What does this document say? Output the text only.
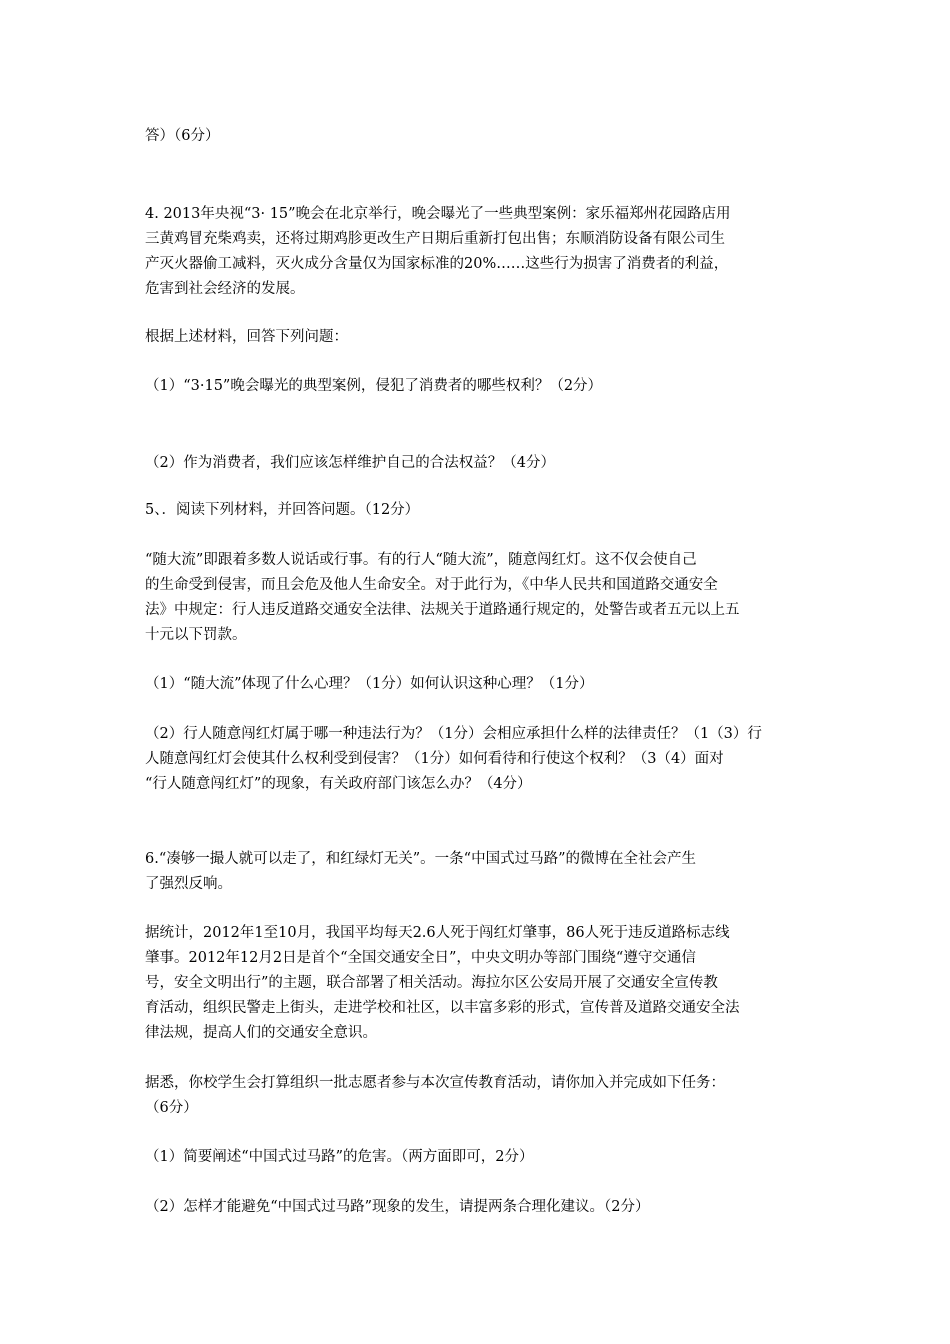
答）（6分）
4. 2013年央视“3· 15”晚会在北京举行，晚会曝光了一些典型案例：家乐福郑州花园路店用
三黄鸡冒充柴鸡卖，还将过期鸡胗更改生产日期后重新打包出售；东顺消防设备有限公司生
产灭火器偷工减料，灭火成分含量仅为国家标准的20%……这些行为损害了消费者的利益，
危害到社会经济的发展。
根据上述材料，回答下列问题：
（1）“3·15”晚会曝光的典型案例，侵犯了消费者的哪些权利？（2分）
（2）作为消费者，我们应该怎样维护自己的合法权益？（4分）
5、．阅读下列材料，并回答问题。（12分）
“随大流”即跟着多数人说话或行事。有的行人“随大流”，随意闯红灯。这不仅会使自己
的生命受到侵害，而且会危及他人生命安全。对于此行为，《中华人民共和国道路交通安全
法》中规定：行人违反道路交通安全法律、法规关于道路通行规定的，处警告或者五元以上五
十元以下罚款。
（1）“随大流”体现了什么心理？（1分）如何认识这种心理？（1分）
（2）行人随意闯红灯属于哪一种违法行为？（1分）会相应承担什么样的法律责任？（1（3）行
人随意闯红灯会使其什么权利受到侵害？（1分）如何看待和行使这个权利？（3（4）面对
“行人随意闯红灯”的现象，有关政府部门该怎么办？（4分）
6.“凑够一撮人就可以走了，和红绿灯无关”。一条“中国式过马路”的微博在全社会产生
了强烈反响。
据统计，2012年1至10月，我国平均每天2.6人死于闯红灯肇事，86人死于违反道路标志线
肇事。2012年12月2日是首个“全国交通安全日”，中央文明办等部门围绕“遵守交通信
号，安全文明出行”的主题，联合部署了相关活动。海拉尔区公安局开展了交通安全宣传教
育活动，组织民警走上街头，走进学校和社区，以丰富多彩的形式，宣传普及道路交通安全法
律法规，提高人们的交通安全意识。
据悉，你校学生会打算组织一批志愿者参与本次宣传教育活动，请你加入并完成如下任务：
（6分）
（1）简要阐述“中国式过马路”的危害。（两方面即可，2分）
（2）怎样才能避免“中国式过马路”现象的发生，请提两条合理化建议。（2分）
